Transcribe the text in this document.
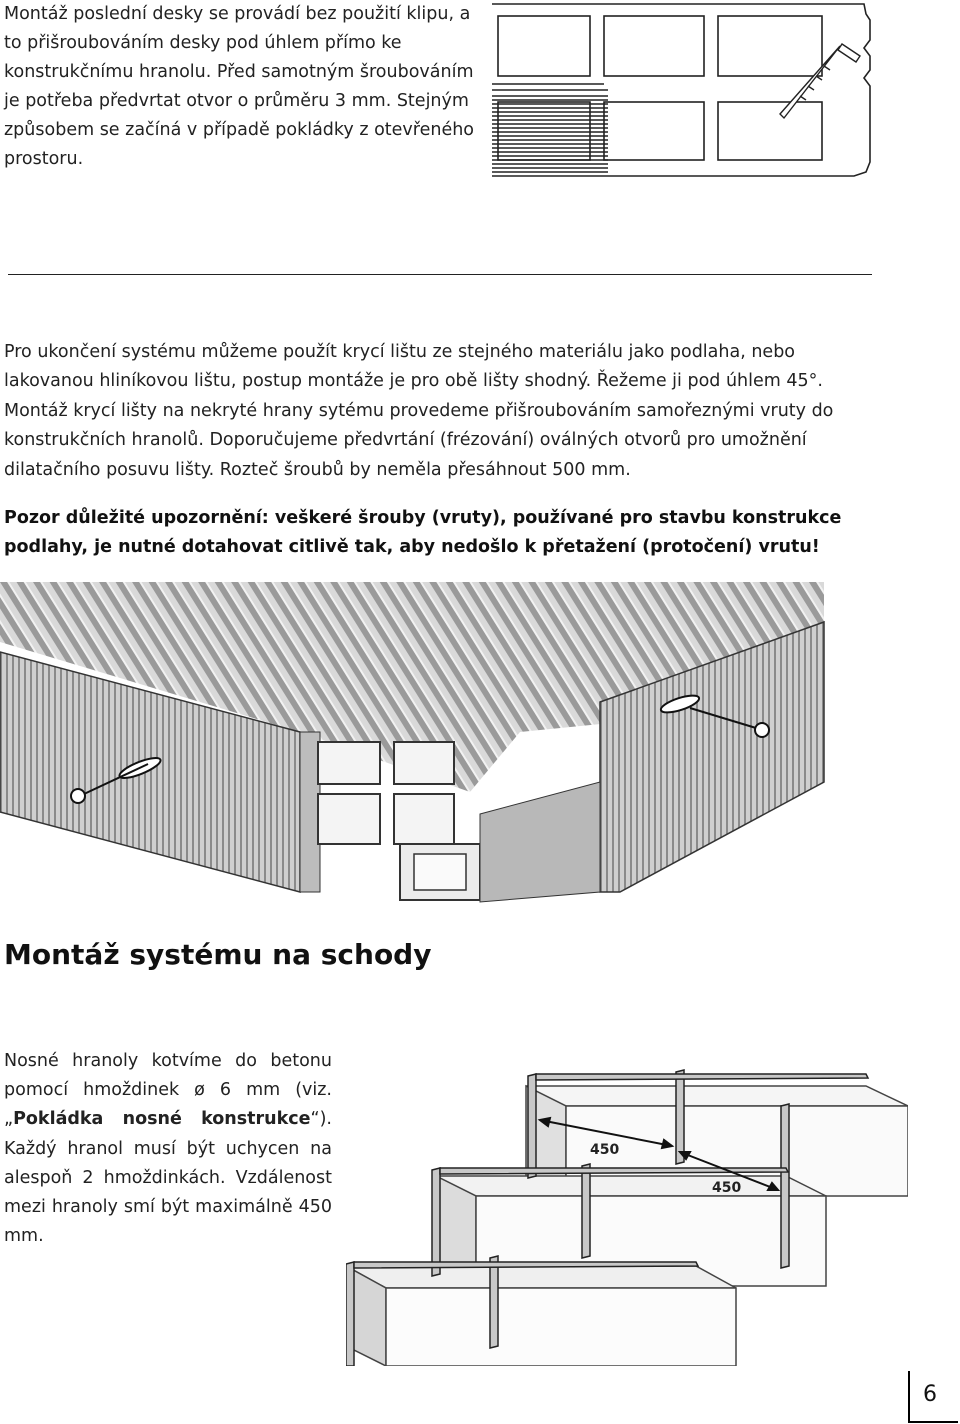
Montáž poslední desky se provádí bez použití klipu, a to přišroubováním desky pod úhlem přímo ke konstrukčnímu hranolu. Před samotným šroubováním je potřeba předvrtat otvor o průměru 3 mm. Stejným způsobem se začíná v případě pokládky z otevřeného prostoru.
Pro ukončení systému můžeme použít krycí lištu ze stejného materiálu jako podlaha, nebo lakovanou hliníkovou lištu, postup montáže je pro obě lišty shodný. Řežeme ji pod úhlem 45°. Montáž krycí lišty na nekryté hrany sytému provedeme přišroubováním samořeznými vruty do konstrukčních hranolů. Doporučujeme předvrtání (frézování) oválných otvorů pro umožnění dilatačního posuvu lišty. Rozteč šroubů by neměla přesáhnout 500 mm.
Pozor důležité upozornění: veškeré šrouby (vruty), používané pro stavbu konstrukce podlahy, je nutné dotahovat citlivě tak, aby nedošlo k přetažení (protočení) vrutu!
Montáž systému na schody
Nosné hranoly kotvíme do betonu pomocí hmoždinek ø 6 mm (viz. „Pokládka nosné konstrukce“). Každý hranol musí být uchycen na alespoň 2 hmoždinkách. Vzdálenost mezi hranoly smí být maximálně 450 mm.
450
450
6
